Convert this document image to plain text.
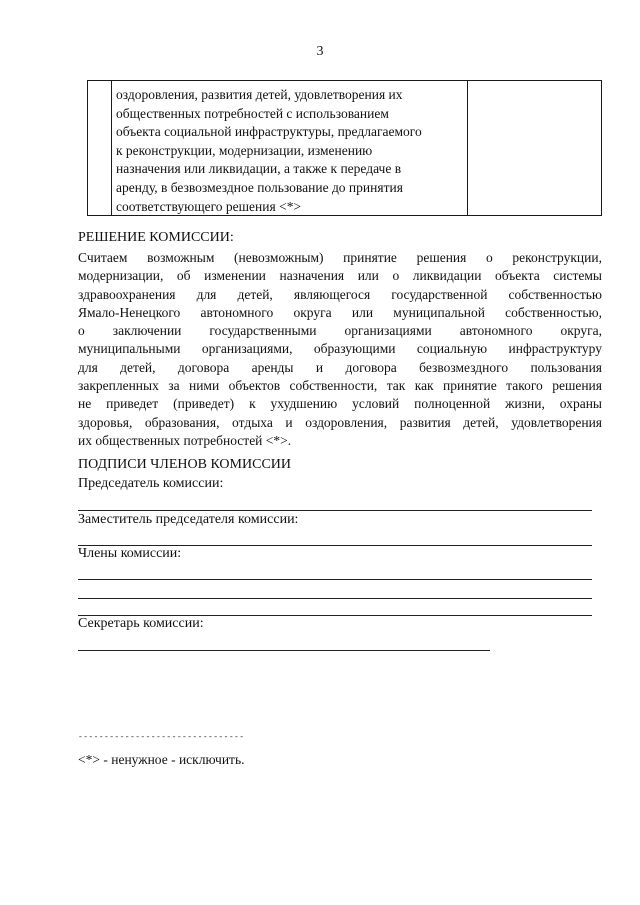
3
оздоровления, развития детей, удовлетворения их
общественных потребностей с использованием
объекта социальной инфраструктуры, предлагаемого
к реконструкции, модернизации, изменению
назначения или ликвидации, а также к передаче в
аренду, в безвозмездное пользование до принятия
соответствующего решения <*>
РЕШЕНИЕ КОМИССИИ:
Считаем возможным (невозможным) принятие решения о реконструкции,
модернизации, об изменении назначения или о ликвидации объекта системы
здравоохранения для детей, являющегося государственной собственностью
Ямало-Ненецкого автономного округа или муниципальной собственностью,
о заключении государственными организациями автономного округа,
муниципальными организациями, образующими социальную инфраструктуру
для детей, договора аренды и договора безвозмездного пользования
закрепленных за ними объектов собственности, так как принятие такого решения
не приведет (приведет) к ухудшению условий полноценной жизни, охраны
здоровья, образования, отдыха и оздоровления, развития детей, удовлетворения
их общественных потребностей <*>.
ПОДПИСИ ЧЛЕНОВ КОМИССИИ
Председатель комиссии:
Заместитель председателя комиссии:
Члены комиссии:
Секретарь комиссии:
--------------------------------
<*> - ненужное - исключить.
